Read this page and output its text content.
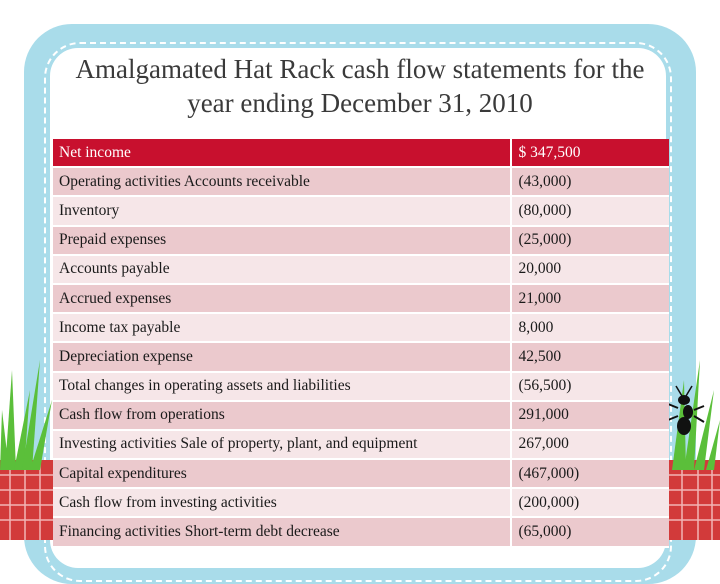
Amalgamated Hat Rack cash flow statements for the
year ending December 31, 2010
Net income	$ 347,500
Operating activities Accounts receivable	(43,000)
Inventory	(80,000)
Prepaid expenses	(25,000)
Accounts payable	20,000
Accrued expenses	21,000
Income tax payable	8,000
Depreciation expense	42,500
Total changes in operating assets and liabilities	(56,500)
Cash flow from operations	291,000
Investing activities Sale of property, plant, and equipment	267,000
Capital expenditures	(467,000)
Cash flow from investing activities	(200,000)
Financing activities Short-term debt decrease	(65,000)
